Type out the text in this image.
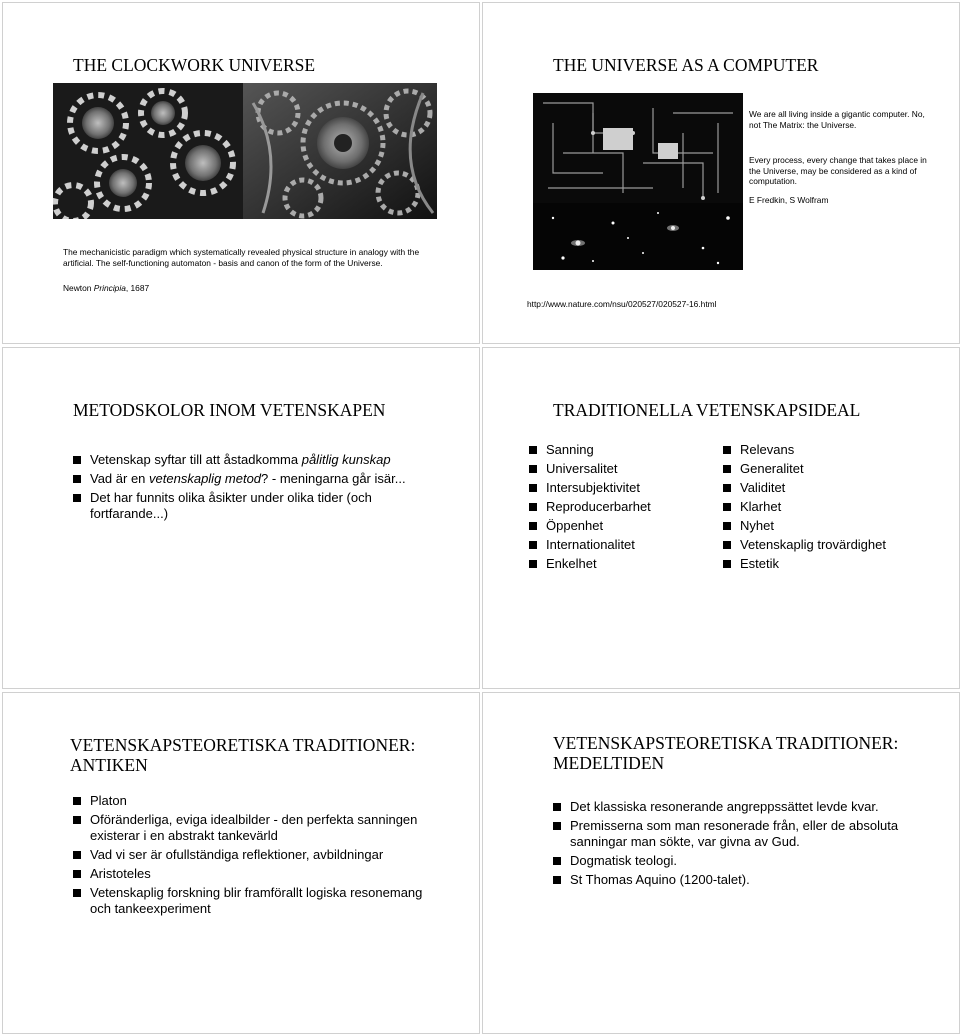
THE CLOCKWORK UNIVERSE
The mechanicistic paradigm which systematically revealed physical structure in analogy with the artificial. The self-functioning automaton - basis and canon of the form of the Universe.
Newton Principia, 1687
THE UNIVERSE AS A COMPUTER
We are all living inside a gigantic computer. No, not The Matrix: the Universe.
Every process, every change that takes place in the Universe, may be considered as a kind of computation.
E Fredkin, S Wolfram
http://www.nature.com/nsu/020527/020527-16.html
METODSKOLOR INOM VETENSKAPEN
Vetenskap syftar till att åstadkomma pålitlig kunskap
Vad är en vetenskaplig metod? - meningarna går isär...
Det har funnits olika åsikter under olika tider (och fortfarande...)
TRADITIONELLA VETENSKAPSIDEAL
Sanning
Universalitet
Intersubjektivitet
Reproducerbarhet
Öppenhet
Internationalitet
Enkelhet
Relevans
Generalitet
Validitet
Klarhet
Nyhet
Vetenskaplig trovärdighet
Estetik
VETENSKAPSTEORETISKA TRADITIONER:
ANTIKEN
Platon
Oföränderliga, eviga idealbilder - den perfekta sanningen existerar i en abstrakt tankevärld
Vad vi ser är ofullständiga reflektioner, avbildningar
Aristoteles
Vetenskaplig forskning blir framförallt logiska resonemang och tankeexperiment
VETENSKAPSTEORETISKA TRADITIONER:
MEDELTIDEN
Det klassiska resonerande angreppssättet levde kvar.
Premisserna som man resonerade från, eller de absoluta sanningar man sökte, var givna av Gud.
Dogmatisk teologi.
St Thomas Aquino (1200-talet).
